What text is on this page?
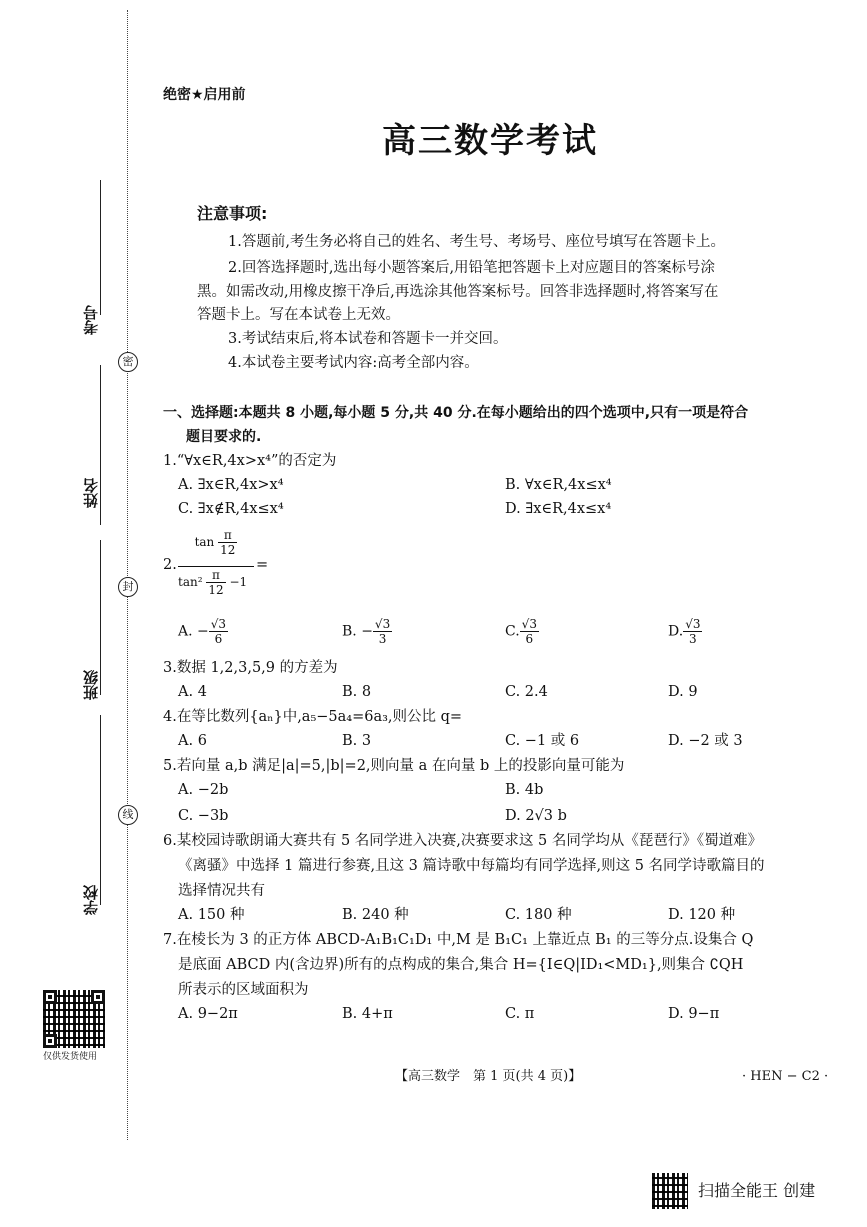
考号
密
姓名
封
班级
线
学校
仅供发货使用
绝密★启用前
高三数学考试
注意事项:
1.答题前,考生务必将自己的姓名、考生号、考场号、座位号填写在答题卡上。
2.回答选择题时,选出每小题答案后,用铅笔把答题卡上对应题目的答案标号涂
黑。如需改动,用橡皮擦干净后,再选涂其他答案标号。回答非选择题时,将答案写在
答题卡上。写在本试卷上无效。
3.考试结束后,将本试卷和答题卡一并交回。
4.本试卷主要考试内容:高考全部内容。
一、选择题:本题共 8 小题,每小题 5 分,共 40 分.在每小题给出的四个选项中,只有一项是符合
题目要求的.
1.“∀x∈R,4x>x⁴”的否定为
A. ∃x∈R,4x>x⁴	B. ∀x∈R,4x≤x⁴
C. ∃x∉R,4x≤x⁴	D. ∃x∈R,4x≤x⁴
2.
$\tan \frac{\pi}{12}$
$\tan^2 \frac{\pi}{12} -1$
=
A. − $\frac{√3}{6}$	B. − $\frac{√3}{3}$	C. $\frac{√3}{6}$	D. $\frac{√3}{3}$
3.数据 1,2,3,5,9 的方差为
A. 4	B. 8	C. 2.4	D. 9
4.在等比数列{aₙ}中,a₅−5a₄=6a₃,则公比 q=
A. 6	B. 3	C. −1 或 6	D. −2 或 3
5.若向量 a,b 满足|a|=5,|b|=2,则向量 a 在向量 b 上的投影向量可能为
A. −2b	B. 4b
C. −3b	D. 2√3 b
6.某校园诗歌朗诵大赛共有 5 名同学进入决赛,决赛要求这 5 名同学均从《琵琶行》《蜀道难》
《离骚》中选择 1 篇进行参赛,且这 3 篇诗歌中每篇均有同学选择,则这 5 名同学诗歌篇目的
选择情况共有
A. 150 种	B. 240 种	C. 180 种	D. 120 种
7.在棱长为 3 的正方体 ABCD-A₁B₁C₁D₁ 中,M 是 B₁C₁ 上靠近点 B₁ 的三等分点.设集合 Q
是底面 ABCD 内(含边界)所有的点构成的集合,集合 H={I∈Q|ID₁<MD₁},则集合 ∁QH
所表示的区域面积为
A. 9−2π	B. 4+π	C. π	D. 9−π
【高三数学　第 1 页(共 4 页)】	· HEN − C2 ·
扫描全能王 创建
